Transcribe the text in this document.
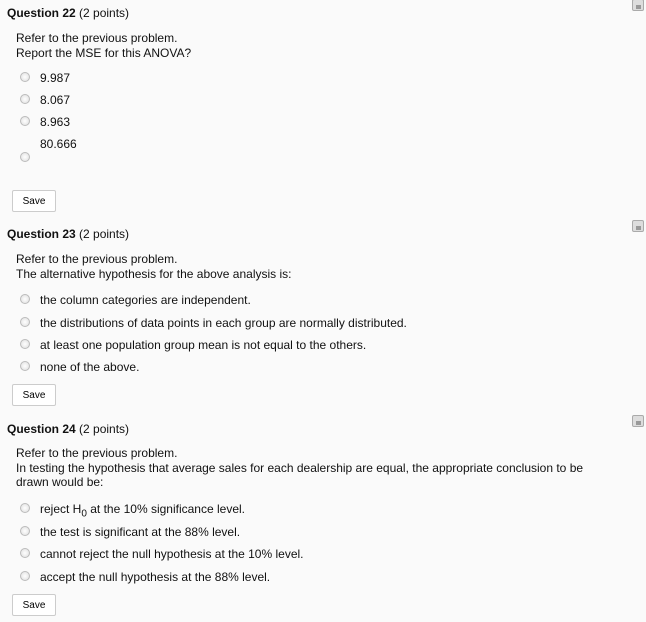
Question 22 (2 points)
Refer to the previous problem.
Report the MSE for this ANOVA?
9.987
8.067
8.963
80.666
Save
Question 23 (2 points)
Refer to the previous problem.
The alternative hypothesis for the above analysis is:
the column categories are independent.
the distributions of data points in each group are normally distributed.
at least one population group mean is not equal to the others.
none of the above.
Save
Question 24 (2 points)
Refer to the previous problem.
In testing the hypothesis that average sales for each dealership are equal, the appropriate conclusion to be
drawn would be:
reject $H_0$ at the 10% significance level.
the test is significant at the 88% level.
cannot reject the null hypothesis at the 10% level.
accept the null hypothesis at the 88% level.
Save
